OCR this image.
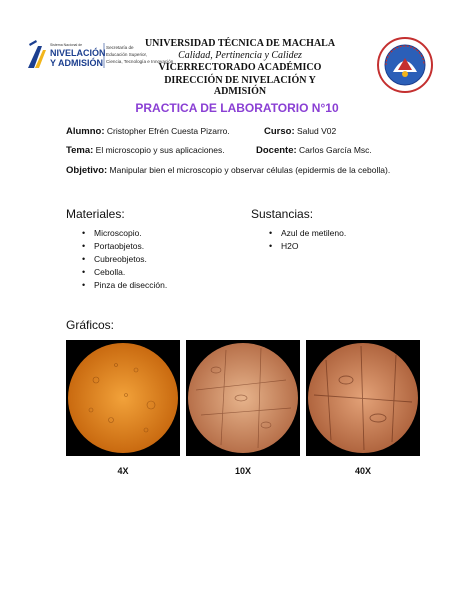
Sistema Nacional de
NIVELACIÓN
Y ADMISIÓN
Secretaría de
Educación Superior,
Ciencia, Tecnología e Innovación
UNIVERSIDAD TÉCNICA DE MACHALA
Calidad, Pertinencia y Calidez
VICERRECTORADO ACADÉMICO
DIRECCIÓN DE NIVELACIÓN Y ADMISIÓN
PRACTICA DE LABORATORIO N°10
Alumno: Cristopher Efrén Cuesta Pizarro.	Curso: Salud V02
Tema: El microscopio y sus aplicaciones.	Docente: Carlos García Msc.
Objetivo: Manipular bien el microscopio y observar células (epidermis de la cebolla).
Materiales:
• Microscopio.
• Portaobjetos.
• Cubreobjetos.
• Cebolla.
• Pinza de disección.
Sustancias:
• Azul de metileno.
• H2O
Gráficos:
4X	10X	40X
